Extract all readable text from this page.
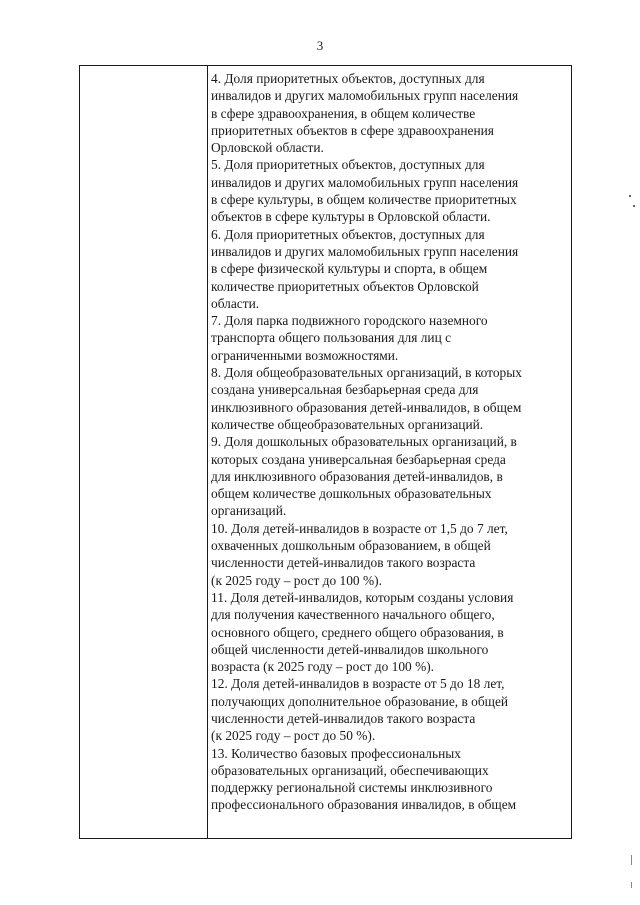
3

4. Доля приоритетных объектов, доступных для
инвалидов и других маломобильных групп населения
в сфере здравоохранения, в общем количестве
приоритетных объектов в сфере здравоохранения
Орловской области.

5. Доля приоритетных объектов, доступных для
инвалидов и других маломобильных групп населения
в сфере культуры, в общем количестве приоритетных
объектов в сфере культуры в Орловской области.

6. Доля приоритетных объектов, доступных для
инвалидов и других маломобильных групп населения
в сфере физической культуры и спорта, в общем
количестве приоритетных объектов Орловской
области.

7. Доля парка подвижного городского наземного
транспорта общего пользования для лиц с
ограниченными возможностями.

8. Доля общеобразовательных организаций, в которых
создана универсальная безбарьерная среда для
инклюзивного образования детей-инвалидов, в общем
количестве общеобразовательных организаций.

9. Доля дошкольных образовательных организаций, в
которых создана универсальная безбарьерная среда
для инклюзивного образования детей-инвалидов, в
общем количестве дошкольных образовательных
организаций.

10. Доля детей-инвалидов в возрасте от 1,5 до 7 лет,
охваченных дошкольным образованием, в общей
численности детей-инвалидов такого возраста
(к 2025 году – рост до 100 %).

11. Доля детей-инвалидов, которым созданы условия
для получения качественного начального общего,
основного общего, среднего общего образования, в
общей численности детей-инвалидов школьного
возраста (к 2025 году – рост до 100 %).

12. Доля детей-инвалидов в возрасте от 5 до 18 лет,
получающих дополнительное образование, в общей
численности детей-инвалидов такого возраста
(к 2025 году – рост до 50 %).

13. Количество базовых профессиональных
образовательных организаций, обеспечивающих
поддержку региональной системы инклюзивного
профессионального образования инвалидов, в общем
